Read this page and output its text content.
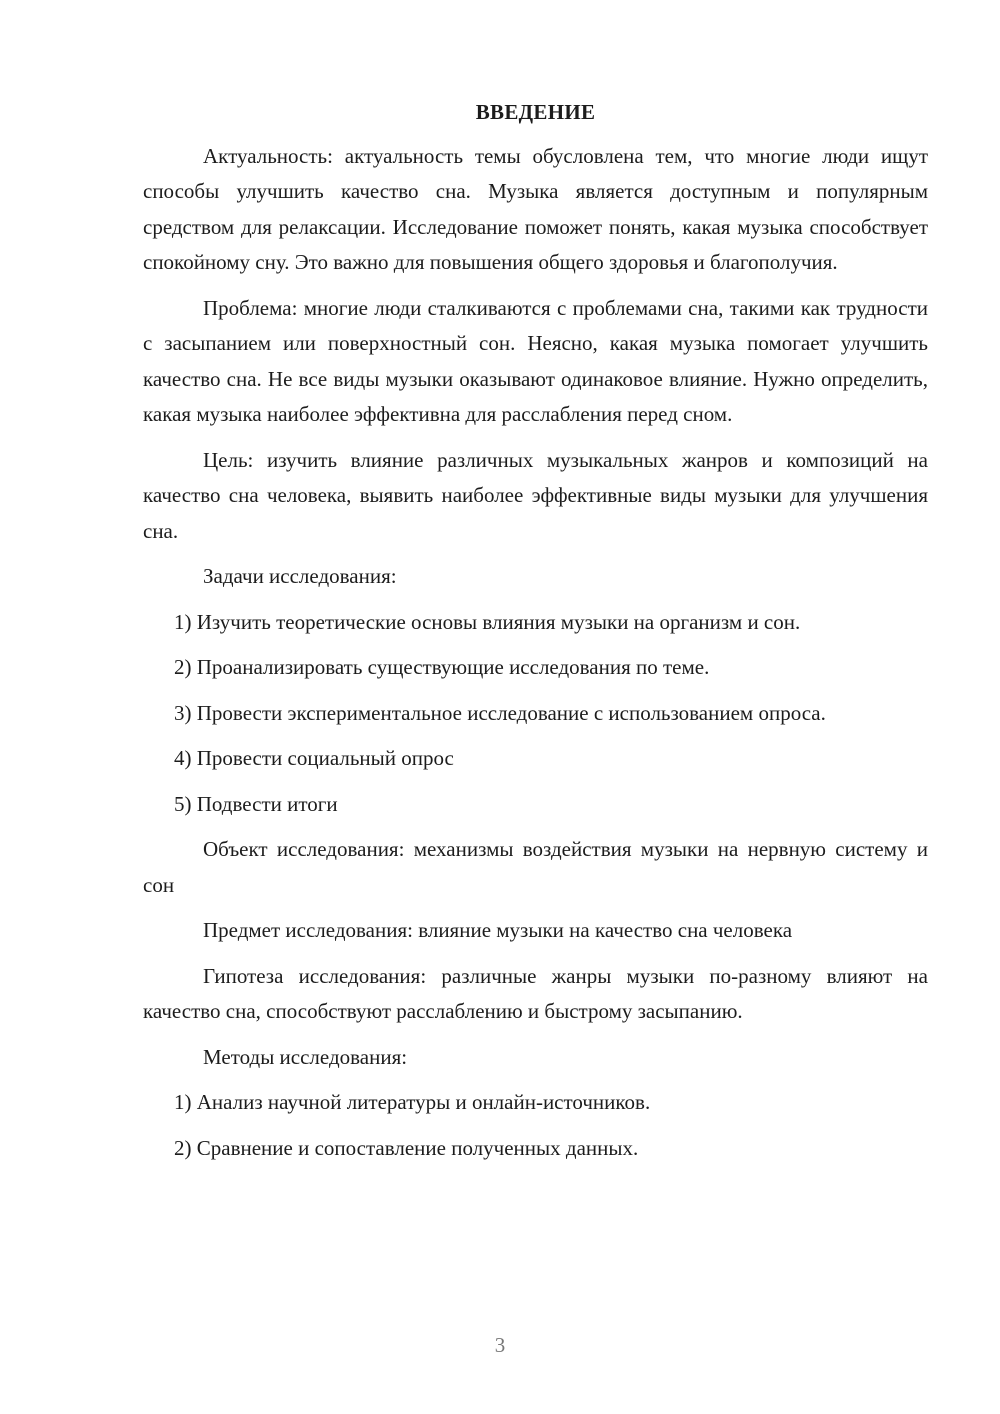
ВВЕДЕНИЕ

Актуальность: актуальность темы обусловлена тем, что многие люди ищут способы улучшить качество сна. Музыка является доступным и популярным средством для релаксации. Исследование поможет понять, какая музыка способствует спокойному сну. Это важно для повышения общего здоровья и благополучия.

Проблема: многие люди сталкиваются с проблемами сна, такими как трудности с засыпанием или поверхностный сон. Неясно, какая музыка помогает улучшить качество сна. Не все виды музыки оказывают одинаковое влияние. Нужно определить, какая музыка наиболее эффективна для расслабления перед сном.

Цель: изучить влияние различных музыкальных жанров и композиций на качество сна человека, выявить наиболее эффективные виды музыки для улучшения сна.

Задачи исследования:

1) Изучить теоретические основы влияния музыки на организм и сон.

2) Проанализировать существующие исследования по теме.

3) Провести экспериментальное исследование с использованием опроса.

4) Провести социальный опрос

5) Подвести итоги

Объект исследования: механизмы воздействия музыки на нервную систему и сон

Предмет исследования: влияние музыки на качество сна человека

Гипотеза исследования: различные жанры музыки по-разному влияют на качество сна, способствуют расслаблению и быстрому засыпанию.

Методы исследования:

1) Анализ научной литературы и онлайн-источников.

2) Сравнение и сопоставление полученных данных.

3
